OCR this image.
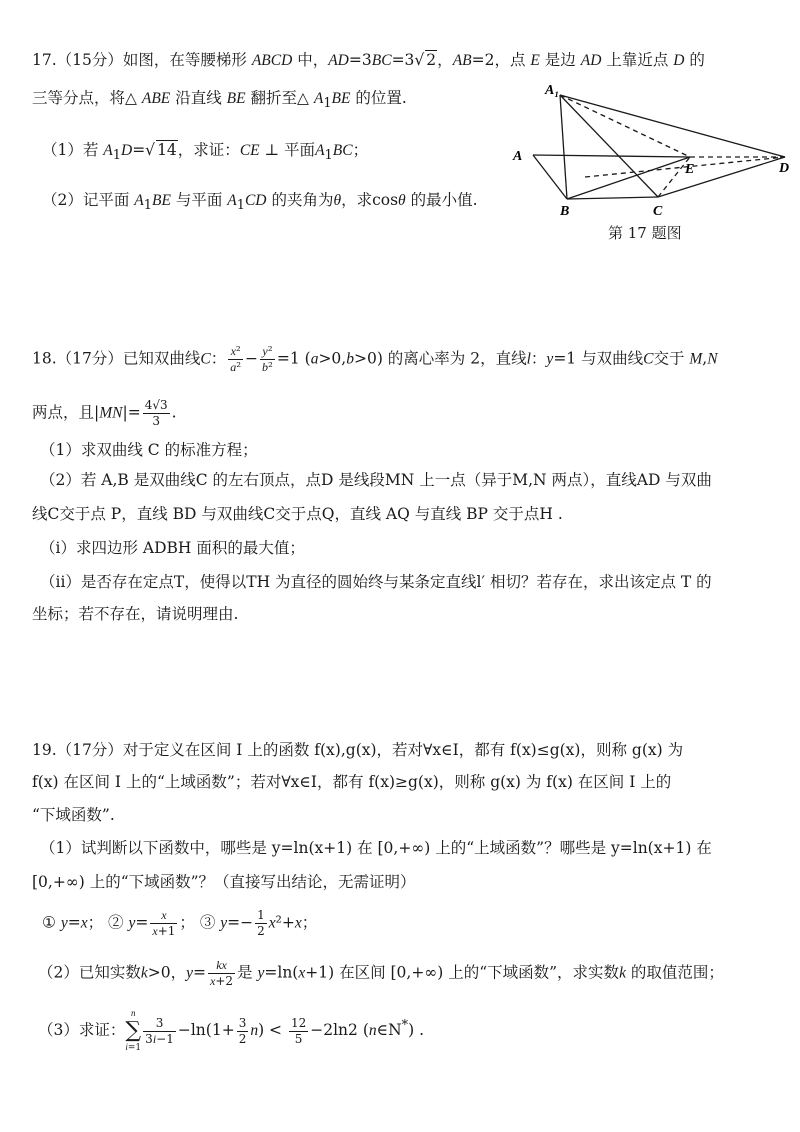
17.（15分）如图，在等腰梯形 ABCD 中，AD=3BC=3√ 2，AB=2，点 E 是边 AD 上靠近点 D 的
三等分点，将△ ABE 沿直线 BE 翻折至△ $A_1BE$ 的位置.
（1）若 $A_1D=√$ 14，求证：CE ⊥ 平面$A_1BC$；
（2）记平面 $A_1BE$ 与平面 $A_1CD$ 的夹角为θ，求cosθ 的最小值.
A₁
A
B	C
D
E
第 17 题图
18.（17分）已知双曲线C： $\frac{\text{x²}}{\text{a²}} - \frac{\text{y²}}{\text{b²}} =1$ (a>0,b>0) 的离心率为 2，直线l：y=1 与双曲线C交于 M,N
两点，且$|MN|= \frac{4√3}{3}$ .
（1）求双曲线 C 的标准方程；
（2）若 A,B 是双曲线C 的左右顶点，点D 是线段MN 上一点（异于M,N 两点），直线AD 与双曲
线C交于点 P，直线 BD 与双曲线C交于点Q，直线 AQ 与直线 BP 交于点H .
（i）求四边形 ADBH 面积的最大值；
（ii）是否存在定点T，使得以TH 为直径的圆始终与某条定直线l′ 相切？若存在，求出该定点 T 的
坐标；若不存在，请说明理由.
19.（17分）对于定义在区间 I 上的函数 f(x),g(x)，若对∀x∈I，都有 f(x)≤g(x)，则称 g(x) 为
f(x) 在区间 I 上的“上域函数”；若对∀x∈I，都有 f(x)≥g(x)，则称 g(x) 为 f(x) 在区间 I 上的
“下域函数”.
（1）试判断以下函数中，哪些是 y=ln(x+1) 在 [0,+∞) 上的“上域函数”？哪些是 y=ln(x+1) 在
[0,+∞) 上的“下域函数”？（直接写出结论，无需证明）
① y=x； ② $y= \frac{x}{x+1}$ ； ③ $y=- \frac{1}{2} x^2+x$；
（2）已知实数k>0，$y= \frac{kx}{x+2}$ 是 y=ln(x+1) 在区间 [0,+∞) 上的“下域函数”，求实数k 的取值范围；
（3）求证：
n
∑
i=1
$\frac{3}{3i-1} -\ln(1+ \frac{3}{2} n) < \frac{12}{5} -2\ln 2$ (n∈N*) .
